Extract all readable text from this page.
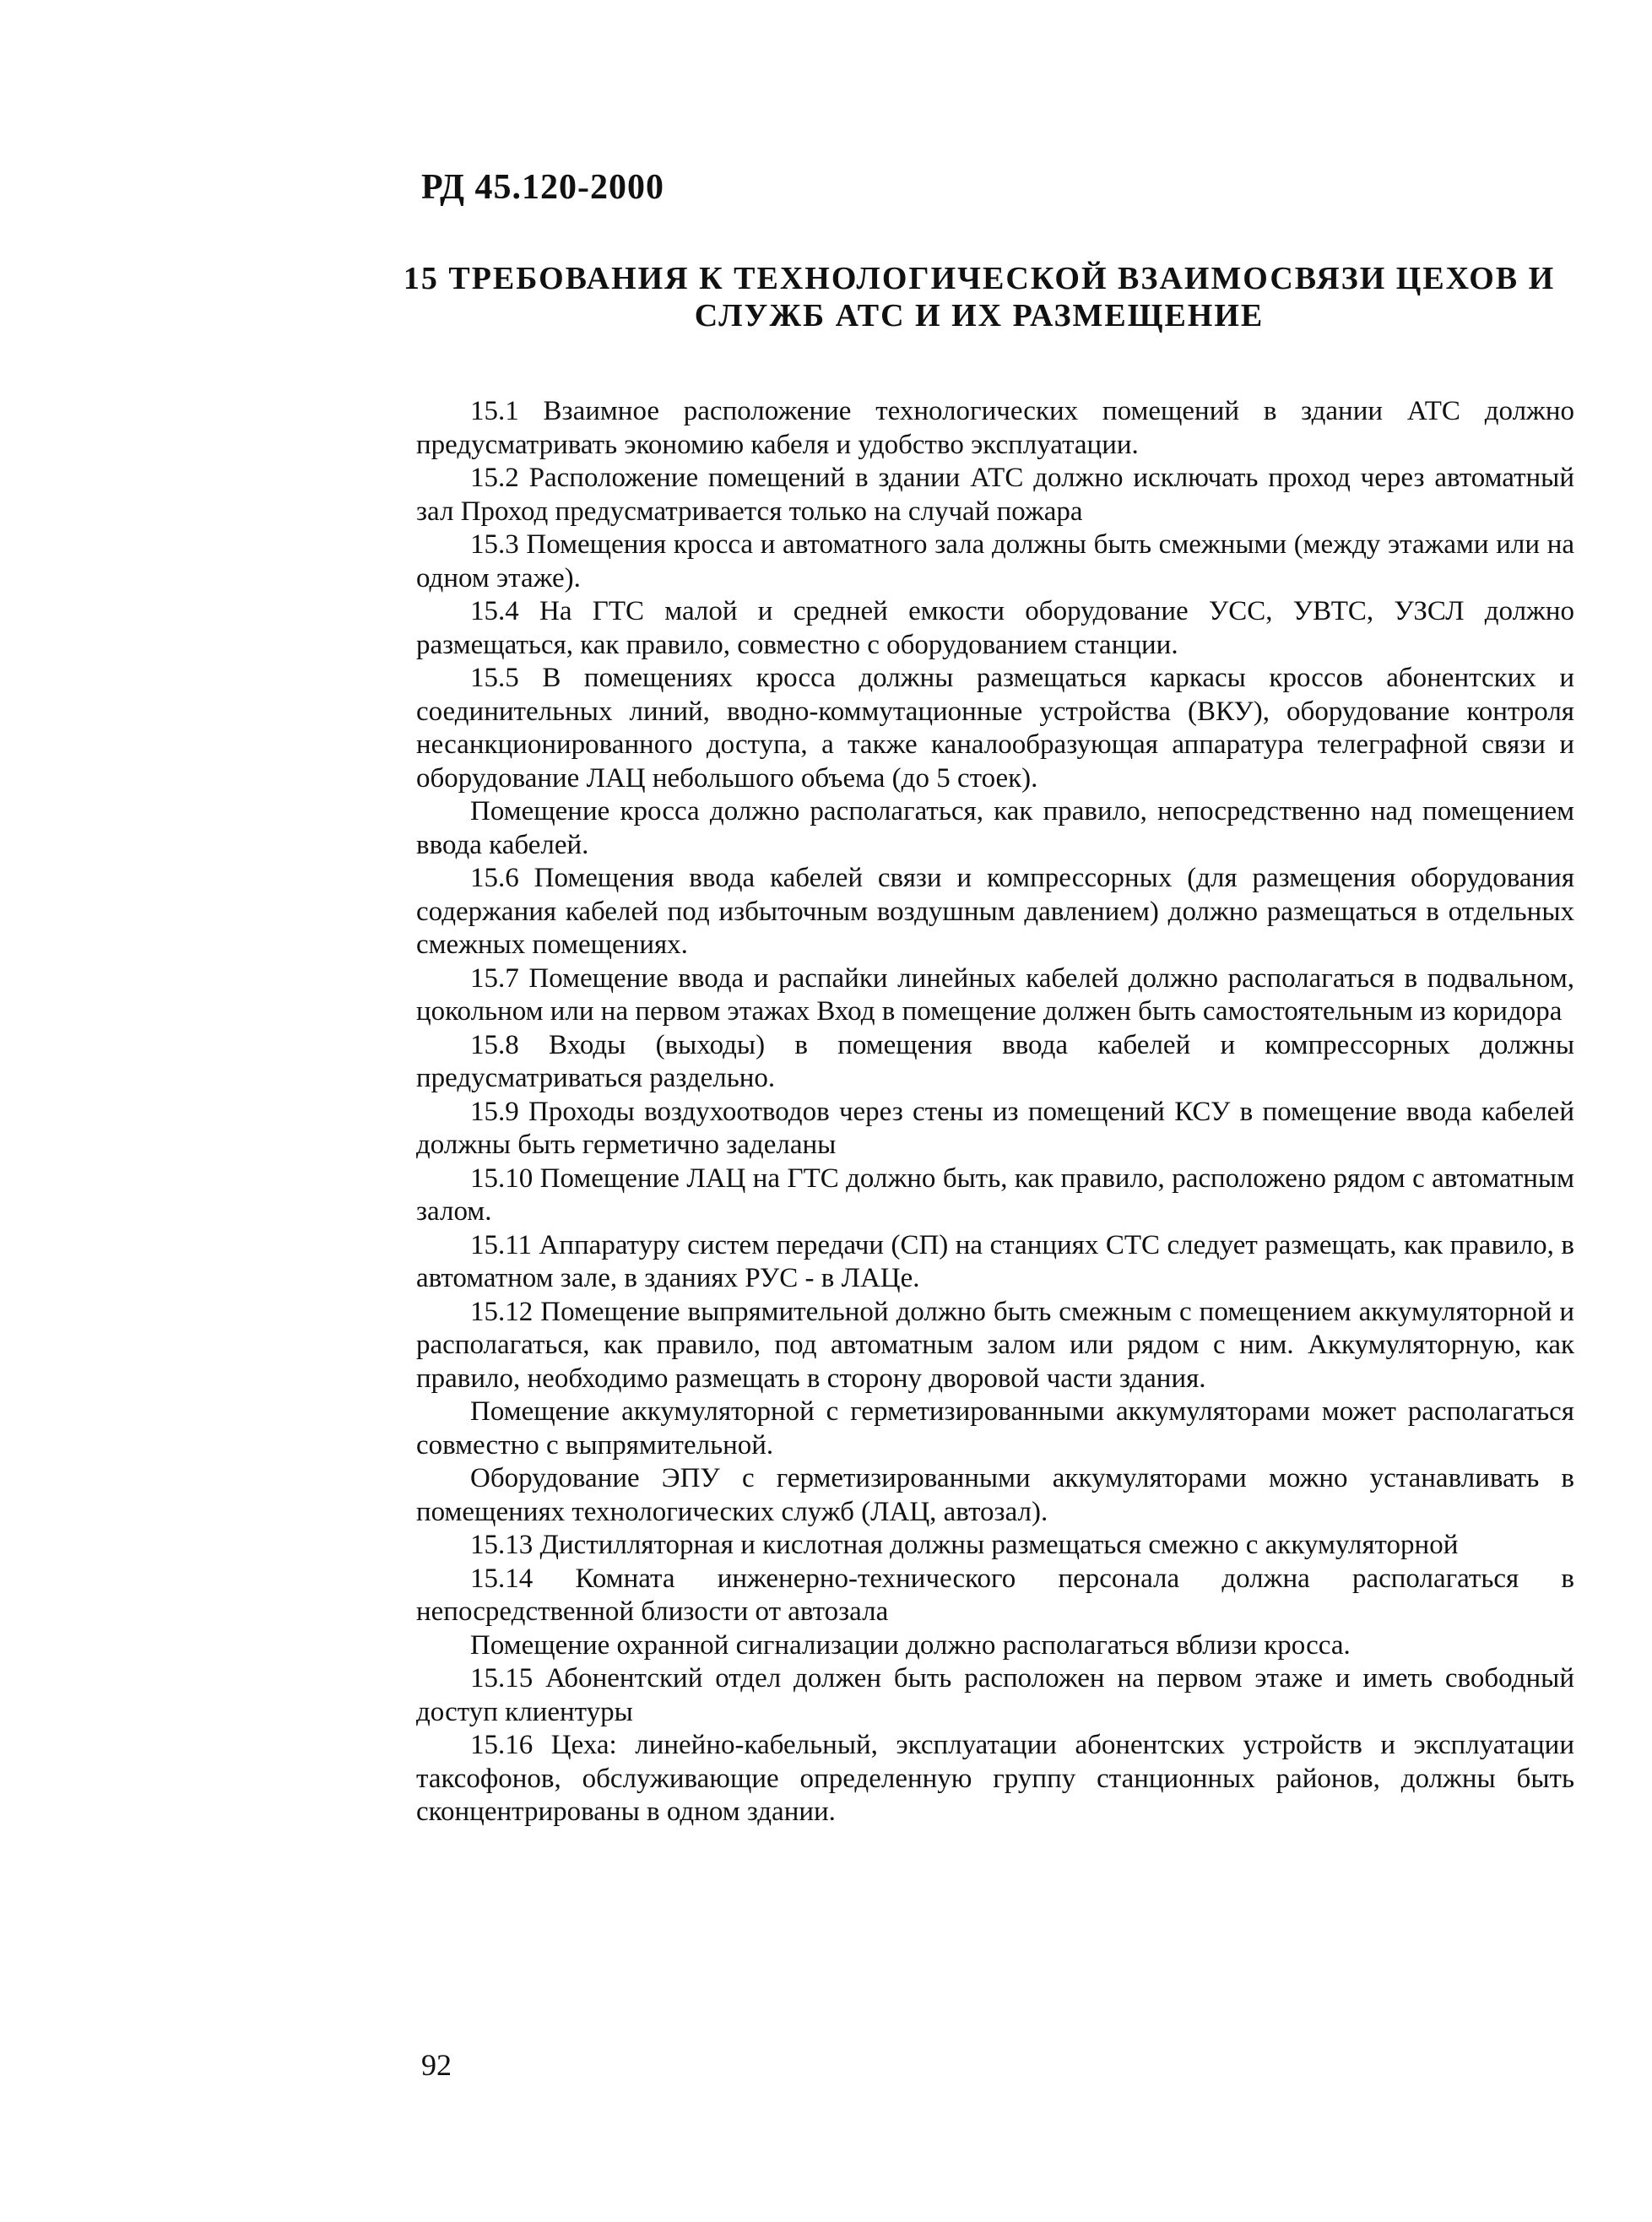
РД 45.120-2000
15 ТРЕБОВАНИЯ К ТЕХНОЛОГИЧЕСКОЙ ВЗАИМОСВЯЗИ ЦЕХОВ И
СЛУЖБ АТС И ИХ РАЗМЕЩЕНИЕ

15.1 Взаимное расположение технологических помещений в здании АТС должно предусматривать экономию кабеля и удобство эксплуатации.

15.2 Расположение помещений в здании АТС должно исключать проход через автоматный зал Проход предусматривается только на случай пожара

15.3 Помещения кросса и автоматного зала должны быть смежными (между этажами или на одном этаже).

15.4 На ГТС малой и средней емкости оборудование УСС, УВТС, УЗСЛ должно размещаться, как правило, совместно с оборудованием станции.

15.5 В помещениях кросса должны размещаться каркасы кроссов абонентских и соединительных линий, вводно-коммутационные устройства (ВКУ), оборудование контроля несанкционированного доступа, а также каналообразующая аппаратура телеграфной связи и оборудование ЛАЦ небольшого объема (до 5 стоек).

Помещение кросса должно располагаться, как правило, непосредственно над помещением ввода кабелей.

15.6 Помещения ввода кабелей связи и компрессорных (для размещения оборудования содержания кабелей под избыточным воздушным давлением) должно размещаться в отдельных смежных помещениях.

15.7 Помещение ввода и распайки линейных кабелей должно располагаться в подвальном, цокольном или на первом этажах Вход в помещение должен быть самостоятельным из коридора

15.8 Входы (выходы) в помещения ввода кабелей и компрессорных должны предусматриваться раздельно.

15.9 Проходы воздухоотводов через стены из помещений КСУ в помещение ввода кабелей должны быть герметично заделаны

15.10 Помещение ЛАЦ на ГТС должно быть, как правило, расположено рядом с автоматным залом.

15.11 Аппаратуру систем передачи (СП) на станциях СТС следует размещать, как правило, в автоматном зале, в зданиях РУС - в ЛАЦе.

15.12 Помещение выпрямительной должно быть смежным с помещением аккумуляторной и располагаться, как правило, под автоматным залом или рядом с ним. Аккумуляторную, как правило, необходимо размещать в сторону дворовой части здания.

Помещение аккумуляторной с герметизированными аккумуляторами может располагаться совместно с выпрямительной.

Оборудование ЭПУ с герметизированными аккумуляторами можно устанавливать в помещениях технологических служб (ЛАЦ, автозал).

15.13 Дистилляторная и кислотная должны размещаться смежно с аккумуляторной

15.14 Комната инженерно-технического персонала должна располагаться в непосредственной близости от автозала

Помещение охранной сигнализации должно располагаться вблизи кросса.

15.15 Абонентский отдел должен быть расположен на первом этаже и иметь свободный доступ клиентуры

15.16 Цеха: линейно-кабельный, эксплуатации абонентских устройств и эксплуатации таксофонов, обслуживающие определенную группу станционных районов, должны быть сконцентрированы в одном здании.

92
